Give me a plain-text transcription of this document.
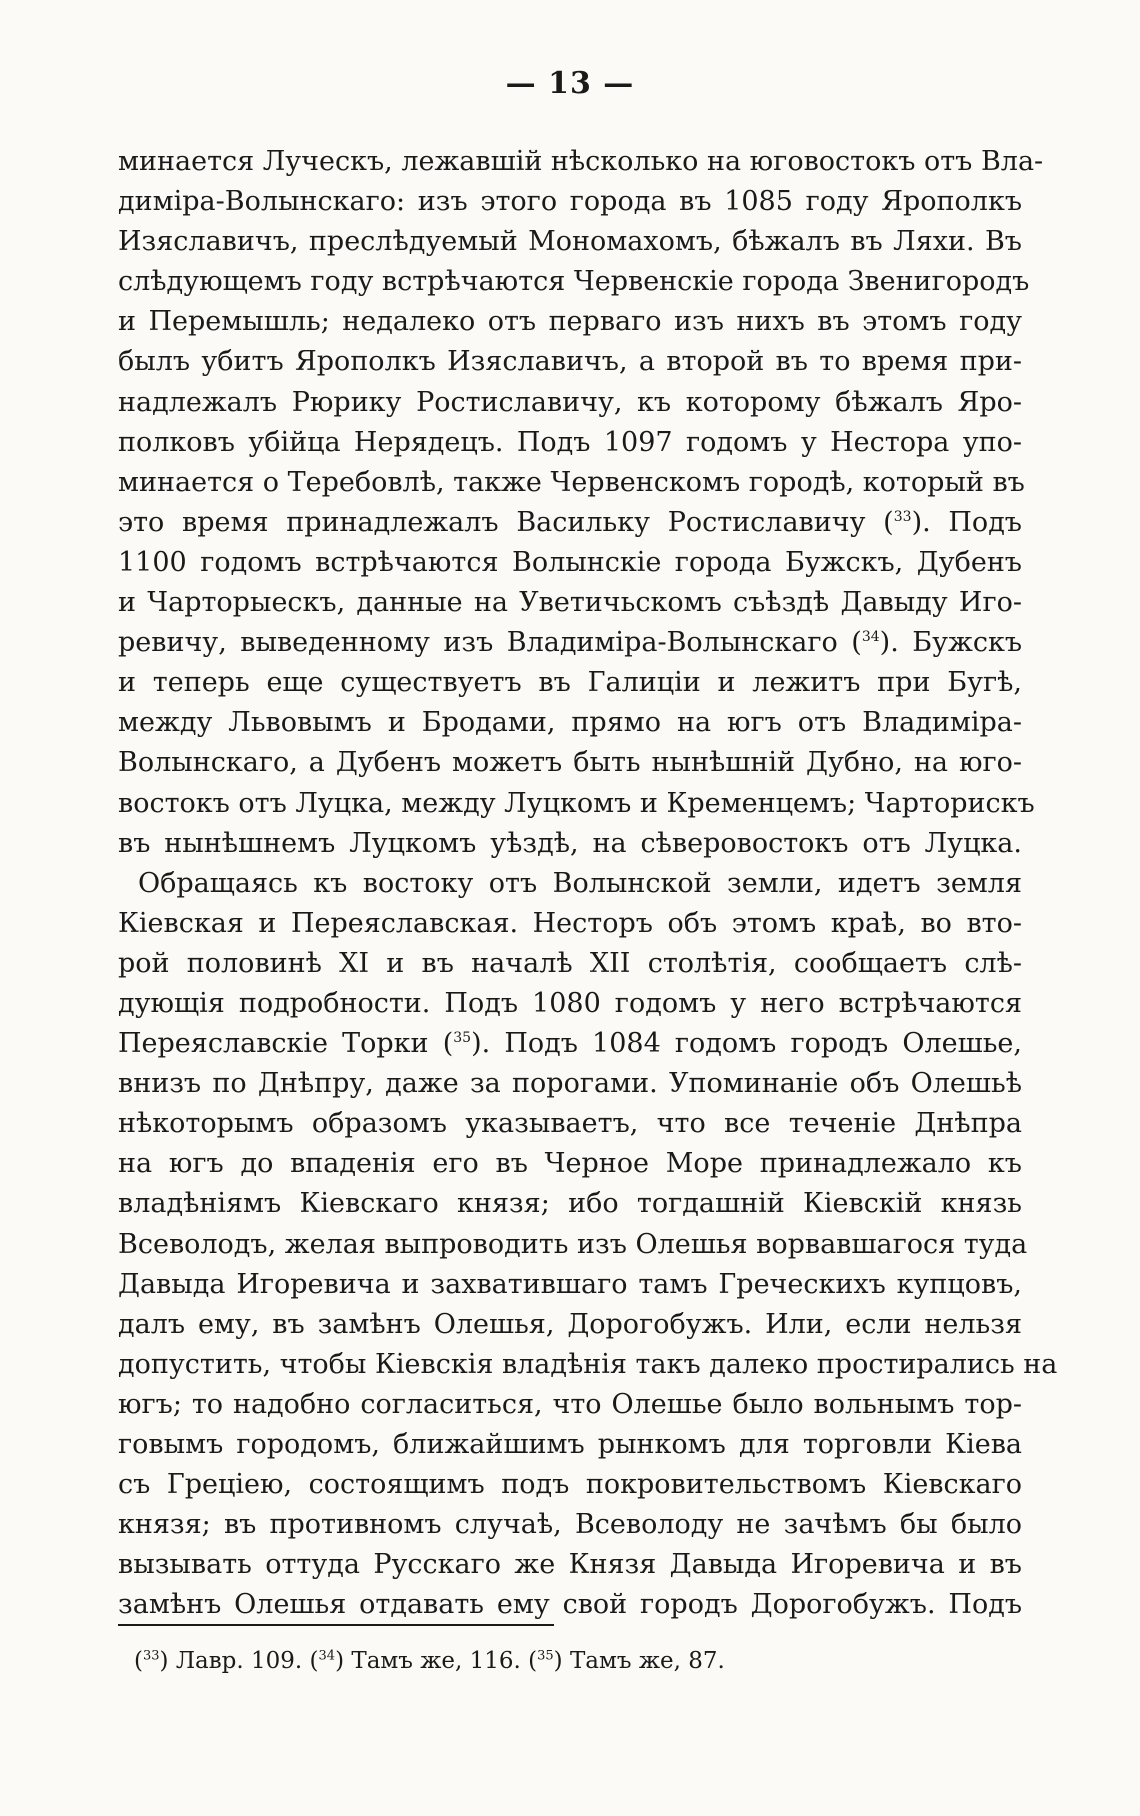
— 13 —
минается Луческъ, лежавшій нѣсколько на юговостокъ отъ Вла-
диміра-Волынскаго: изъ этого города въ 1085 году Ярополкъ
Изяславичъ, преслѣдуемый Мономахомъ, бѣжалъ въ Ляхи. Въ
слѣдующемъ году встрѣчаются Червенскіе города Звенигородъ
и Перемышль; недалеко отъ перваго изъ нихъ въ этомъ году
былъ убитъ Ярополкъ Изяславичъ, а второй въ то время при-
надлежалъ Рюрику Ростиславичу, къ которому бѣжалъ Яро-
полковъ убійца Нерядецъ. Подъ 1097 годомъ у Нестора упо-
минается о Теребовлѣ, также Червенскомъ городѣ, который въ
это время принадлежалъ Васильку Ростиславичу ($^{33}$). Подъ
1100 годомъ встрѣчаются Волынскіе города Бужскъ, Дубенъ
и Чарторыескъ, данные на Уветичьскомъ съѣздѣ Давыду Иго-
ревичу, выведенному изъ Владиміра-Волынскаго ($^{34}$). Бужскъ
и теперь еще существуетъ въ Галиціи и лежитъ при Бугѣ,
между Львовымъ и Бродами, прямо на югъ отъ Владиміра-
Волынскаго, а Дубенъ можетъ быть нынѣшній Дубно, на юго-
востокъ отъ Луцка, между Луцкомъ и Кременцемъ; Чарторискъ
въ нынѣшнемъ Луцкомъ уѣздѣ, на сѣверовостокъ отъ Луцка.
Обращаясь къ востоку отъ Волынской земли, идетъ земля
Кіевская и Переяславская. Несторъ объ этомъ краѣ, во вто-
рой половинѣ XI и въ началѣ XII столѣтія, сообщаетъ слѣ-
дующія подробности. Подъ 1080 годомъ у него встрѣчаются
Переяславскіе Торки ($^{35}$). Подъ 1084 годомъ городъ Олешье,
внизъ по Днѣпру, даже за порогами. Упоминаніе объ Олешьѣ
нѣкоторымъ образомъ указываетъ, что все теченіе Днѣпра
на югъ до впаденія его въ Черное Море принадлежало къ
владѣніямъ Кіевскаго князя; ибо тогдашній Кіевскій князь
Всеволодъ, желая выпроводить изъ Олешья ворвавшагося туда
Давыда Игоревича и захватившаго тамъ Греческихъ купцовъ,
далъ ему, въ замѣнъ Олешья, Дорогобужъ. Или, если нельзя
допустить, чтобы Кіевскія владѣнія такъ далеко простирались на
югъ; то надобно согласиться, что Олешье было вольнымъ тор-
говымъ городомъ, ближайшимъ рынкомъ для торговли Кіева
съ Греціею, состоящимъ подъ покровительствомъ Кіевскаго
князя; въ противномъ случаѣ, Всеволоду не зачѣмъ бы было
вызывать оттуда Русскаго же Князя Давыда Игоревича и въ
замѣнъ Олешья отдавать ему свой городъ Дорогобужъ. Подъ
($^{33}$) Лавр. 109. ($^{34}$) Тамъ же, 116. ($^{35}$) Тамъ же, 87.
